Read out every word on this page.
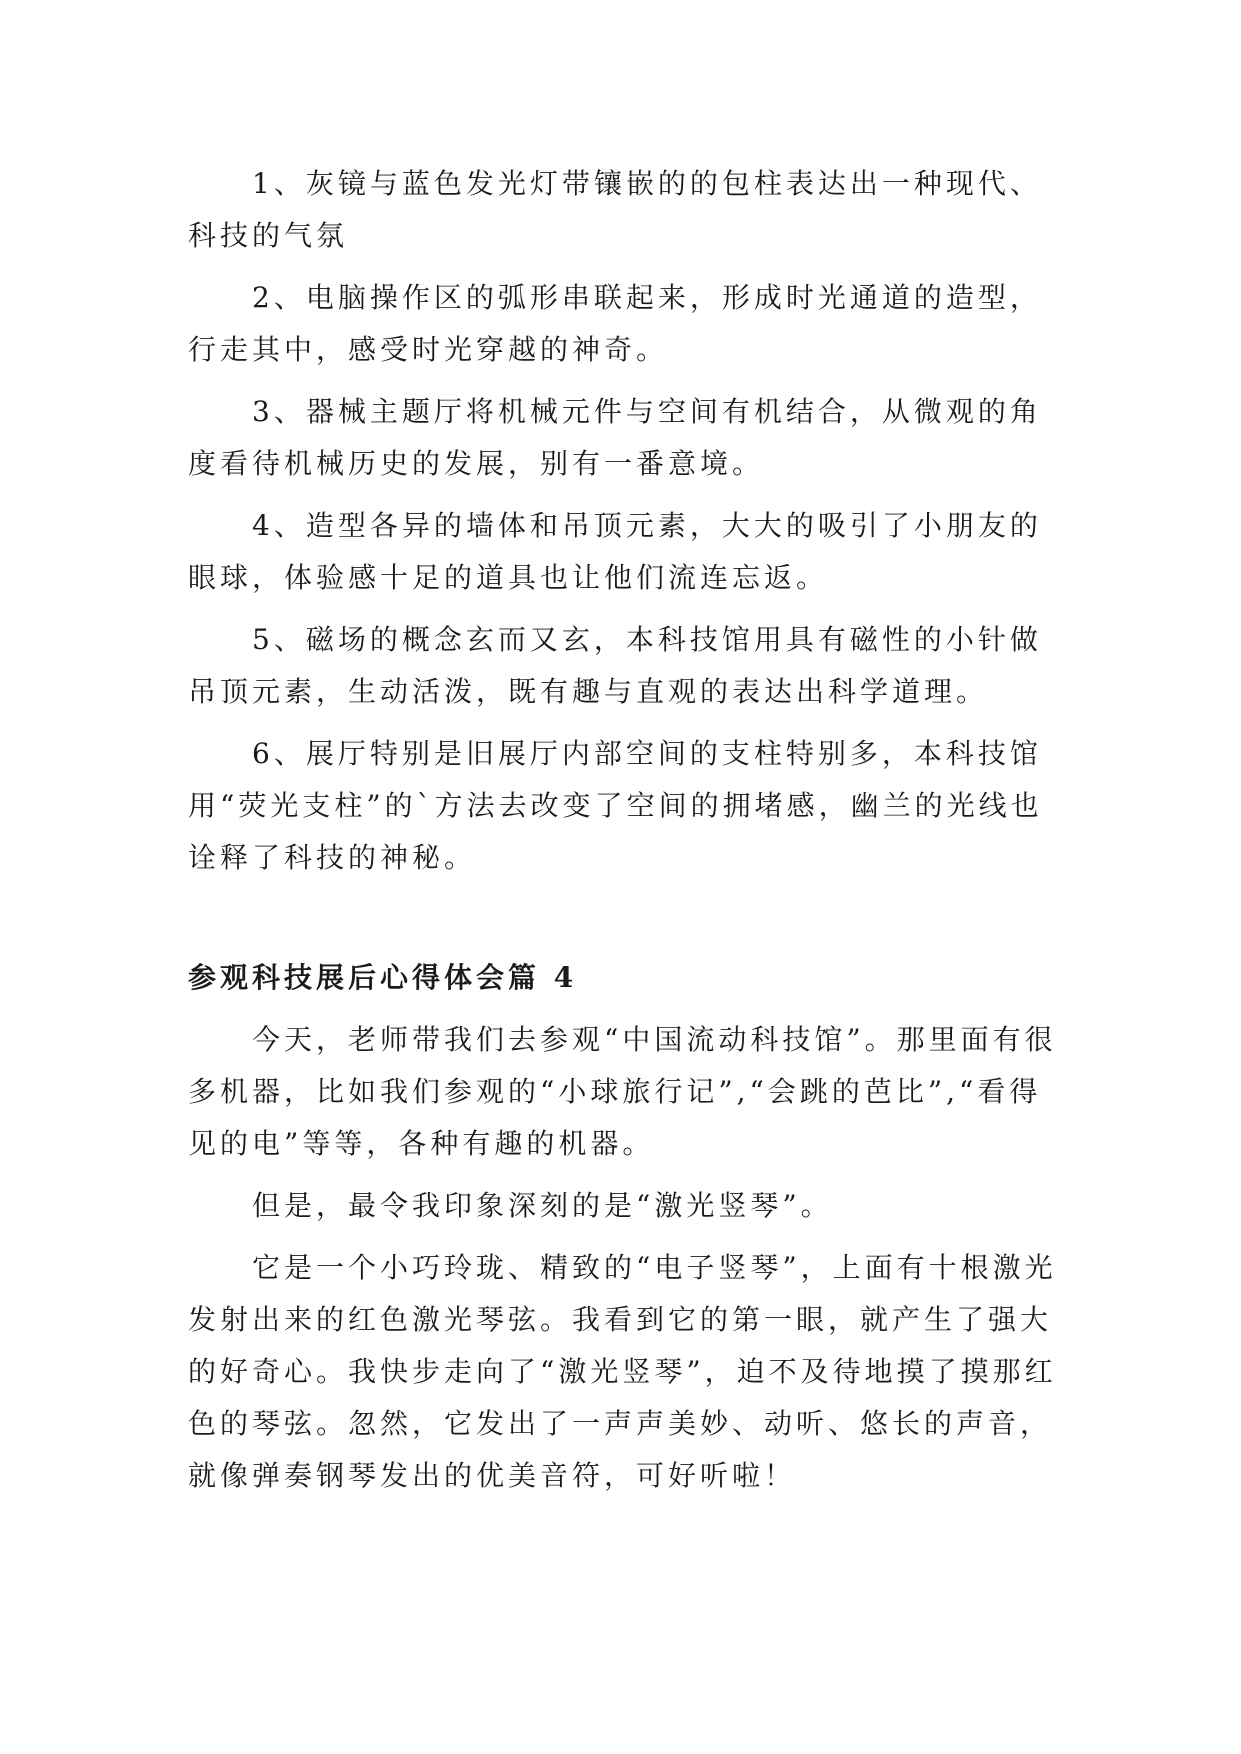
1、灰镜与蓝色发光灯带镶嵌的的包柱表达出一种现代、科技的气氛

2、电脑操作区的弧形串联起来，形成时光通道的造型，行走其中，感受时光穿越的神奇。

3、器械主题厅将机械元件与空间有机结合，从微观的角度看待机械历史的发展，别有一番意境。

4、造型各异的墙体和吊顶元素，大大的吸引了小朋友的眼球，体验感十足的道具也让他们流连忘返。

5、磁场的概念玄而又玄，本科技馆用具有磁性的小针做吊顶元素，生动活泼，既有趣与直观的表达出科学道理。

6、展厅特别是旧展厅内部空间的支柱特别多，本科技馆用“荧光支柱”的`方法去改变了空间的拥堵感，幽兰的光线也诠释了科技的神秘。

参观科技展后心得体会篇 4

今天，老师带我们去参观“中国流动科技馆”。那里面有很多机器，比如我们参观的“小球旅行记”,“会跳的芭比”,“看得见的电”等等，各种有趣的机器。

但是，最令我印象深刻的是“激光竖琴”。

它是一个小巧玲珑、精致的“电子竖琴”，上面有十根激光发射出来的红色激光琴弦。我看到它的第一眼，就产生了强大的好奇心。我快步走向了“激光竖琴”，迫不及待地摸了摸那红色的琴弦。忽然，它发出了一声声美妙、动听、悠长的声音，就像弹奏钢琴发出的优美音符，可好听啦！
